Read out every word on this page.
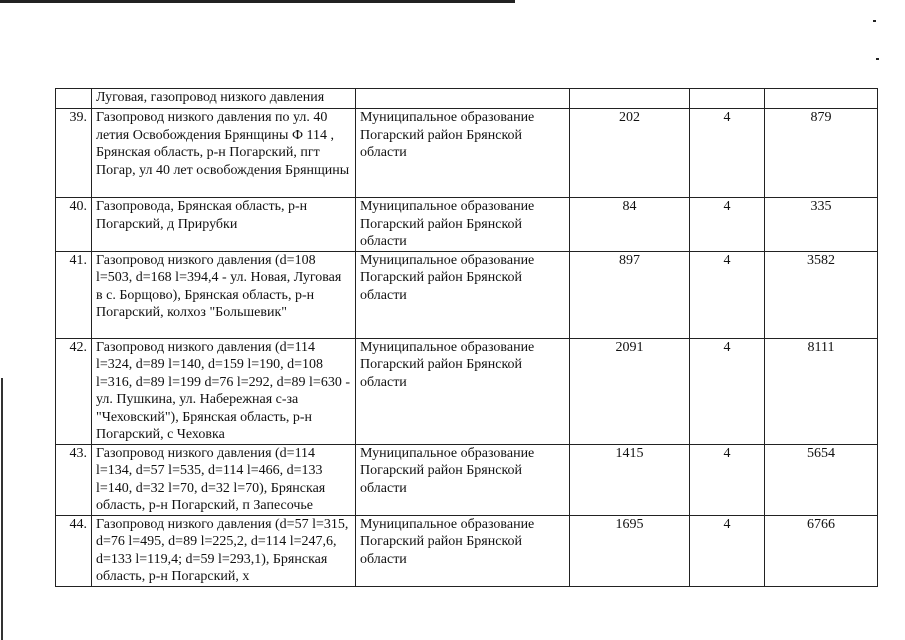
	Луговая, газопровод низкого давления				
39.	Газопровод низкого давления по ул. 40 летия Освобождения Брянщины Ф 114 , Брянская область, р-н Погарский, пгт Погар, ул 40 лет освобождения Брянщины	Муниципальное образование Погарский район Брянской области	202	4	879
40.	Газопровода, Брянская область, р-н Погарский, д Прирубки	Муниципальное образование Погарский район Брянской области	84	4	335
41.	Газопровод низкого давления (d=108 l=503, d=168 l=394,4 - ул. Новая, Луговая в с. Борщово), Брянская область, р-н Погарский, колхоз "Большевик"	Муниципальное образование Погарский район Брянской области	897	4	3582
42.	Газопровод низкого давления (d=114 l=324, d=89 l=140, d=159 l=190, d=108 l=316, d=89 l=199 d=76 l=292, d=89 l=630 - ул. Пушкина, ул. Набережная с-за "Чеховский"), Брянская область, р-н Погарский, с Чеховка	Муниципальное образование Погарский район Брянской области	2091	4	8111
43.	Газопровод низкого давления (d=114 l=134, d=57 l=535, d=114 l=466, d=133 l=140, d=32 l=70, d=32 l=70), Брянская область, р-н Погарский, п Запесочье	Муниципальное образование Погарский район Брянской области	1415	4	5654
44.	Газопровод низкого давления (d=57 l=315, d=76 l=495, d=89 l=225,2, d=114 l=247,6, d=133 l=119,4; d=59 l=293,1), Брянская область, р-н Погарский, х	Муниципальное образование Погарский район Брянской области	1695	4	6766
